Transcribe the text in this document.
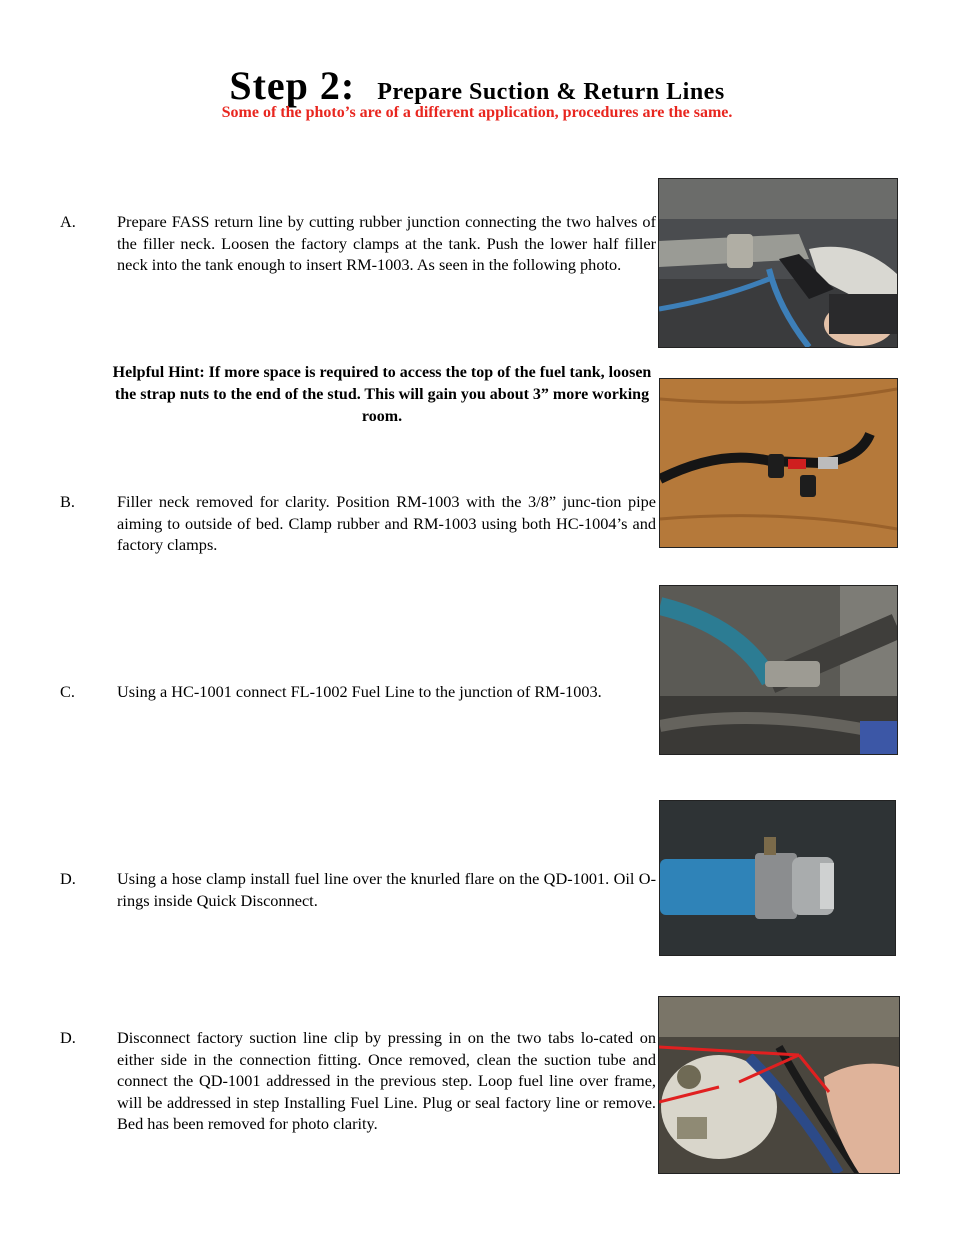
Step 2: Prepare Suction & Return Lines
Some of the photo’s are of a different application, procedures are the same.
A.	Prepare FASS return line by cutting rubber junction connecting the two halves of the filler neck. Loosen the factory clamps at the tank. Push the lower half filler neck into the tank enough to insert RM-1003. As seen in the following photo.
Helpful Hint: If more space is required to access the top of the fuel tank, loosen the strap nuts to the end of the stud. This will gain you about 3” more working room.
B.	Filler neck removed for clarity. Position RM-1003 with the 3/8” junc-tion pipe aiming to outside of bed. Clamp rubber and RM-1003 using both HC-1004’s and factory clamps.
C.	Using a HC-1001 connect FL-1002 Fuel Line to the junction of RM-1003.
D.	Using a hose clamp install fuel line over the knurled flare on the QD-1001. Oil O-rings inside Quick Disconnect.
D.	Disconnect factory suction line clip by pressing in on the two tabs lo-cated on either side in the connection fitting. Once removed, clean the suction tube and connect the QD-1001 addressed in the previous step. Loop fuel line over frame, will be addressed in step Installing Fuel Line. Plug or seal factory line or remove. Bed has been removed for photo clarity.
